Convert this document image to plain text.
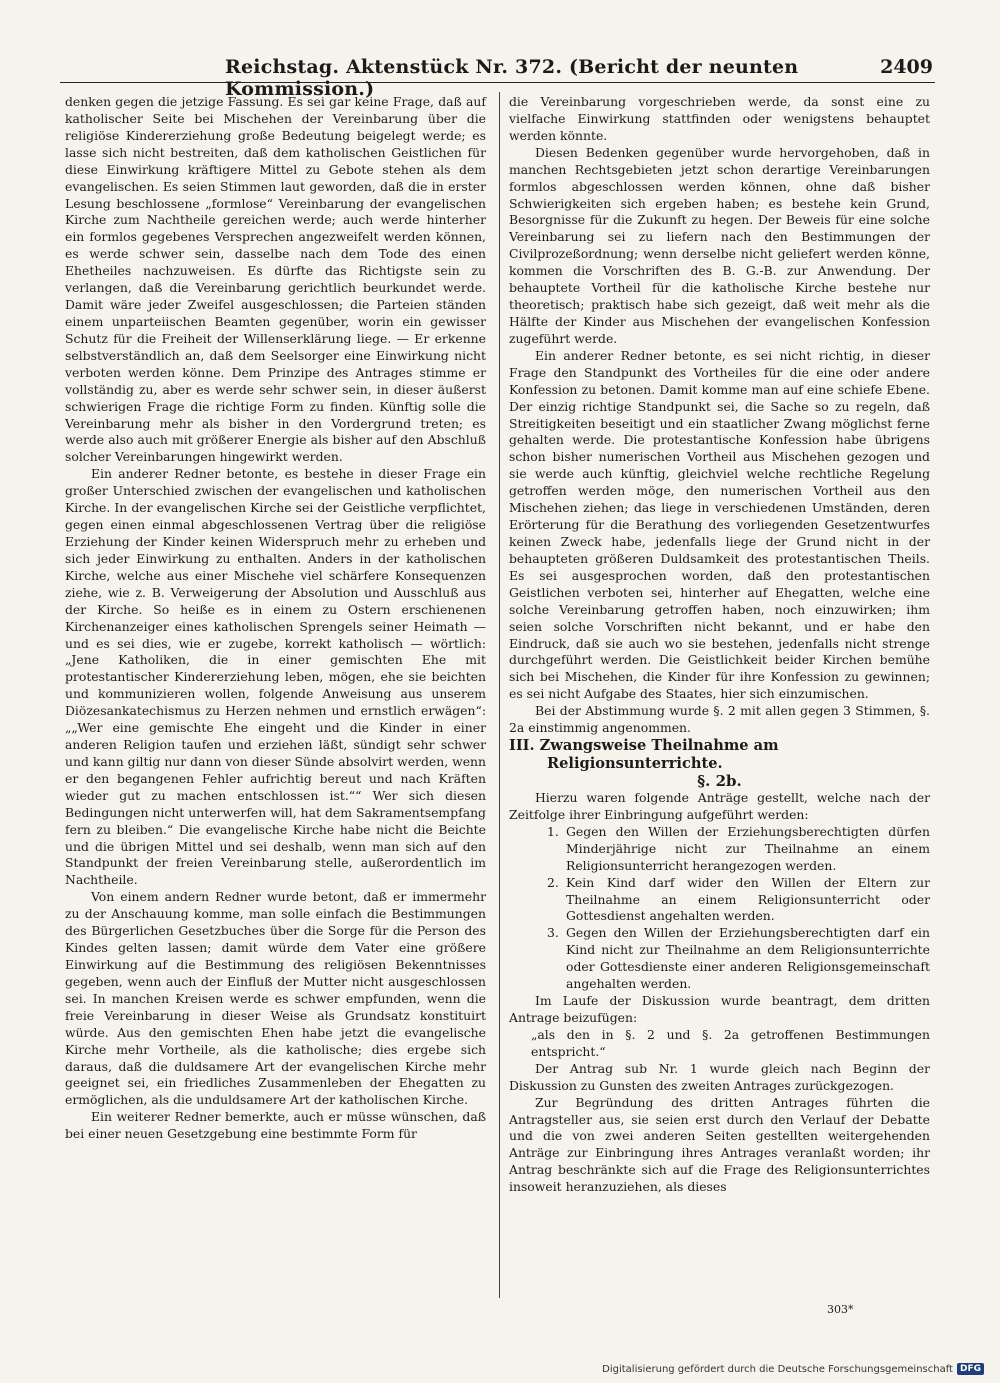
Reichstag. Aktenstück Nr. 372. (Bericht der neunten Kommission.)
2409

denken gegen die jetzige Fassung. Es sei gar keine Frage, daß auf katholischer Seite bei Mischehen der Vereinbarung über die religiöse Kindererziehung große Bedeutung beigelegt werde; es lasse sich nicht bestreiten, daß dem katholischen Geistlichen für diese Einwirkung kräftigere Mittel zu Gebote stehen als dem evangelischen. Es seien Stimmen laut geworden, daß die in erster Lesung beschlossene „formlose“ Vereinbarung der evangelischen Kirche zum Nachtheile gereichen werde; auch werde hinterher ein formlos gegebenes Versprechen angezweifelt werden können, es werde schwer sein, dasselbe nach dem Tode des einen Ehetheiles nachzuweisen. Es dürfte das Richtigste sein zu verlangen, daß die Vereinbarung gerichtlich beurkundet werde. Damit wäre jeder Zweifel ausgeschlossen; die Parteien ständen einem unparteiischen Beamten gegenüber, worin ein gewisser Schutz für die Freiheit der Willenserklärung liege. — Er erkenne selbstverständlich an, daß dem Seelsorger eine Einwirkung nicht verboten werden könne. Dem Prinzipe des Antrages stimme er vollständig zu, aber es werde sehr schwer sein, in dieser äußerst schwierigen Frage die richtige Form zu finden. Künftig solle die Vereinbarung mehr als bisher in den Vordergrund treten; es werde also auch mit größerer Energie als bisher auf den Abschluß solcher Vereinbarungen hingewirkt werden.

Ein anderer Redner betonte, es bestehe in dieser Frage ein großer Unterschied zwischen der evangelischen und katholischen Kirche. In der evangelischen Kirche sei der Geistliche verpflichtet, gegen einen einmal abgeschlossenen Vertrag über die religiöse Erziehung der Kinder keinen Widerspruch mehr zu erheben und sich jeder Einwirkung zu enthalten. Anders in der katholischen Kirche, welche aus einer Mischehe viel schärfere Konsequenzen ziehe, wie z. B. Verweigerung der Absolution und Ausschluß aus der Kirche. So heiße es in einem zu Ostern erschienenen Kirchenanzeiger eines katholischen Sprengels seiner Heimath — und es sei dies, wie er zugebe, korrekt katholisch — wörtlich: „Jene Katholiken, die in einer gemischten Ehe mit protestantischer Kindererziehung leben, mögen, ehe sie beichten und kommunizieren wollen, folgende Anweisung aus unserem Diözesankatechismus zu Herzen nehmen und ernstlich erwägen“: „„Wer eine gemischte Ehe eingeht und die Kinder in einer anderen Religion taufen und erziehen läßt, sündigt sehr schwer und kann giltig nur dann von dieser Sünde absolvirt werden, wenn er den begangenen Fehler aufrichtig bereut und nach Kräften wieder gut zu machen entschlossen ist.““ Wer sich diesen Bedingungen nicht unterwerfen will, hat dem Sakramentsempfang fern zu bleiben.“ Die evangelische Kirche habe nicht die Beichte und die übrigen Mittel und sei deshalb, wenn man sich auf den Standpunkt der freien Vereinbarung stelle, außerordentlich im Nachtheile.

Von einem andern Redner wurde betont, daß er immermehr zu der Anschauung komme, man solle einfach die Bestimmungen des Bürgerlichen Gesetzbuches über die Sorge für die Person des Kindes gelten lassen; damit würde dem Vater eine größere Einwirkung auf die Bestimmung des religiösen Bekenntnisses gegeben, wenn auch der Einfluß der Mutter nicht ausgeschlossen sei. In manchen Kreisen werde es schwer empfunden, wenn die freie Vereinbarung in dieser Weise als Grundsatz konstituirt würde. Aus den gemischten Ehen habe jetzt die evangelische Kirche mehr Vortheile, als die katholische; dies ergebe sich daraus, daß die duldsamere Art der evangelischen Kirche mehr geeignet sei, ein friedliches Zusammenleben der Ehegatten zu ermöglichen, als die unduldsamere Art der katholischen Kirche.

Ein weiterer Redner bemerkte, auch er müsse wünschen, daß bei einer neuen Gesetzgebung eine bestimmte Form für

die Vereinbarung vorgeschrieben werde, da sonst eine zu vielfache Einwirkung stattfinden oder wenigstens behauptet werden könnte.

Diesen Bedenken gegenüber wurde hervorgehoben, daß in manchen Rechtsgebieten jetzt schon derartige Vereinbarungen formlos abgeschlossen werden können, ohne daß bisher Schwierigkeiten sich ergeben haben; es bestehe kein Grund, Besorgnisse für die Zukunft zu hegen. Der Beweis für eine solche Vereinbarung sei zu liefern nach den Bestimmungen der Civilprozeßordnung; wenn derselbe nicht geliefert werden könne, kommen die Vorschriften des B. G.-B. zur Anwendung. Der behauptete Vortheil für die katholische Kirche bestehe nur theoretisch; praktisch habe sich gezeigt, daß weit mehr als die Hälfte der Kinder aus Mischehen der evangelischen Konfession zugeführt werde.

Ein anderer Redner betonte, es sei nicht richtig, in dieser Frage den Standpunkt des Vortheiles für die eine oder andere Konfession zu betonen. Damit komme man auf eine schiefe Ebene. Der einzig richtige Standpunkt sei, die Sache so zu regeln, daß Streitigkeiten beseitigt und ein staatlicher Zwang möglichst ferne gehalten werde. Die protestantische Konfession habe übrigens schon bisher numerischen Vortheil aus Mischehen gezogen und sie werde auch künftig, gleichviel welche rechtliche Regelung getroffen werden möge, den numerischen Vortheil aus den Mischehen ziehen; das liege in verschiedenen Umständen, deren Erörterung für die Berathung des vorliegenden Gesetzentwurfes keinen Zweck habe, jedenfalls liege der Grund nicht in der behaupteten größeren Duldsamkeit des protestantischen Theils. Es sei ausgesprochen worden, daß den protestantischen Geistlichen verboten sei, hinterher auf Ehegatten, welche eine solche Vereinbarung getroffen haben, noch einzuwirken; ihm seien solche Vorschriften nicht bekannt, und er habe den Eindruck, daß sie auch wo sie bestehen, jedenfalls nicht strenge durchgeführt werden. Die Geistlichkeit beider Kirchen bemühe sich bei Mischehen, die Kinder für ihre Konfession zu gewinnen; es sei nicht Aufgabe des Staates, hier sich einzumischen.

Bei der Abstimmung wurde §. 2 mit allen gegen 3 Stimmen, §. 2a einstimmig angenommen.

III. Zwangsweise Theilnahme am Religionsunterrichte.

§. 2b.

Hierzu waren folgende Anträge gestellt, welche nach der Zeitfolge ihrer Einbringung aufgeführt werden:

1. Gegen den Willen der Erziehungsberechtigten dürfen Minderjährige nicht zur Theilnahme an einem Religionsunterricht herangezogen werden.
2. Kein Kind darf wider den Willen der Eltern zur Theilnahme an einem Religionsunterricht oder Gottesdienst angehalten werden.
3. Gegen den Willen der Erziehungsberechtigten darf ein Kind nicht zur Theilnahme an dem Religionsunterrichte oder Gottesdienste einer anderen Religionsgemeinschaft angehalten werden.

Im Laufe der Diskussion wurde beantragt, dem dritten Antrage beizufügen:

„als den in §. 2 und §. 2a getroffenen Bestimmungen entspricht.“

Der Antrag sub Nr. 1 wurde gleich nach Beginn der Diskussion zu Gunsten des zweiten Antrages zurückgezogen.

Zur Begründung des dritten Antrages führten die Antragsteller aus, sie seien erst durch den Verlauf der Debatte und die von zwei anderen Seiten gestellten weitergehenden Anträge zur Einbringung ihres Antrages veranlaßt worden; ihr Antrag beschränkte sich auf die Frage des Religionsunterrichtes insoweit heranzuziehen, als dieses

303*
Digitalisierung gefördert durch die Deutsche Forschungsgemeinschaft DFG
